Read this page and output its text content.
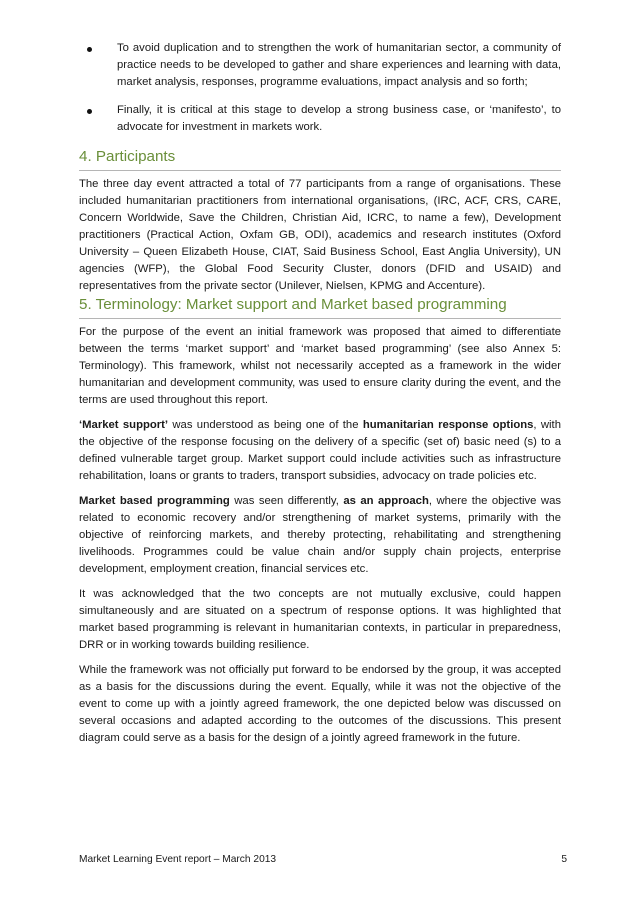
To avoid duplication and to strengthen the work of humanitarian sector, a community of practice needs to be developed to gather and share experiences and learning with data, market analysis, responses, programme evaluations, impact analysis and so forth;
Finally, it is critical at this stage to develop a strong business case, or ‘manifesto’, to advocate for investment in markets work.
4. Participants

The three day event attracted a total of 77 participants from a range of organisations. These included humanitarian practitioners from international organisations, (IRC, ACF, CRS, CARE, Concern Worldwide, Save the Children, Christian Aid, ICRC, to name a few), Development practitioners (Practical Action, Oxfam GB, ODI), academics and research institutes (Oxford University – Queen Elizabeth House, CIAT, Said Business School, East Anglia University), UN agencies (WFP), the Global Food Security Cluster, donors (DFID and USAID) and representatives from the private sector (Unilever, Nielsen, KPMG and Accenture).

5. Terminology: Market support and Market based programming

For the purpose of the event an initial framework was proposed that aimed to differentiate between the terms ‘market support’ and ‘market based programming’ (see also Annex 5: Terminology). This framework, whilst not necessarily accepted as a framework in the wider humanitarian and development community, was used to ensure clarity during the event, and the terms are used throughout this report.

‘Market support’ was understood as being one of the humanitarian response options, with the objective of the response focusing on the delivery of a specific (set of) basic need (s) to a defined vulnerable target group. Market support could include activities such as infrastructure rehabilitation, loans or grants to traders, transport subsidies, advocacy on trade policies etc.

Market based programming was seen differently, as an approach, where the objective was related to economic recovery and/or strengthening of market systems, primarily with the objective of reinforcing markets, and thereby protecting, rehabilitating and strengthening livelihoods. Programmes could be value chain and/or supply chain projects, enterprise development, employment creation, financial services etc.

It was acknowledged that the two concepts are not mutually exclusive, could happen simultaneously and are situated on a spectrum of response options. It was highlighted that market based programming is relevant in humanitarian contexts, in particular in preparedness, DRR or in working towards building resilience.

While the framework was not officially put forward to be endorsed by the group, it was accepted as a basis for the discussions during the event. Equally, while it was not the objective of the event to come up with a jointly agreed framework, the one depicted below was discussed on several occasions and adapted according to the outcomes of the discussions. This present diagram could serve as a basis for the design of a jointly agreed framework in the future.

Market Learning Event report – March 2013	5
